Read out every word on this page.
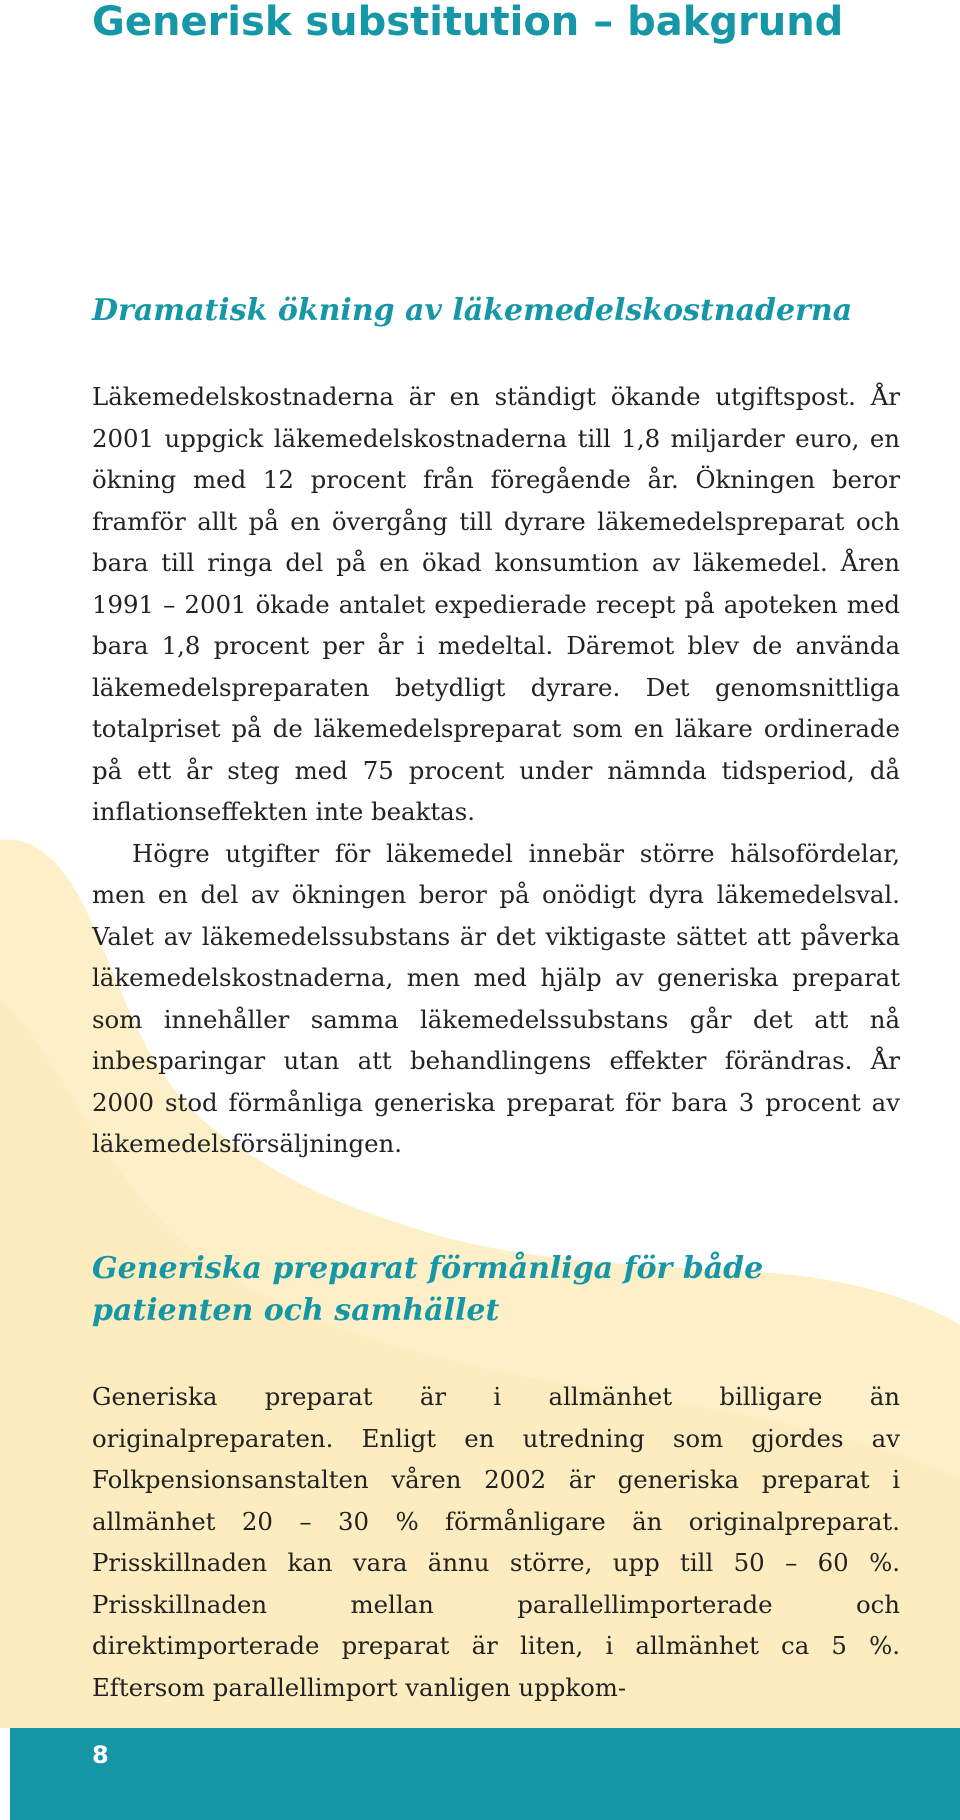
Generisk substitution – bakgrund
Dramatisk ökning av läkemedelskostnaderna

Läkemedelskostnaderna är en ständigt ökande utgiftspost. År 2001 uppgick läkemedelskostnaderna till 1,8 miljarder euro, en ökning med 12 procent från föregående år. Ökningen beror framför allt på en övergång till dyrare läkemedelspreparat och bara till ringa del på en ökad konsumtion av läkemedel. Åren 1991 – 2001 ökade antalet expedierade recept på apoteken med bara 1,8 procent per år i medeltal. Däremot blev de använda läkemedelspreparaten betydligt dyrare. Det genomsnittliga totalpriset på de läkemedelspreparat som en läkare ordinerade på ett år steg med 75 procent under nämnda tidsperiod, då inflationseffekten inte beaktas.

Högre utgifter för läkemedel innebär större hälsofördelar, men en del av ökningen beror på onödigt dyra läkemedelsval. Valet av läkemedelssubstans är det viktigaste sättet att påverka läkemedelskostnaderna, men med hjälp av generiska preparat som innehåller samma läkemedelssubstans går det att nå inbesparingar utan att behandlingens effekter förändras. År 2000 stod förmånliga generiska preparat för bara 3 procent av läkemedelsförsäljningen.

Generiska preparat förmånliga för både patienten och samhället

Generiska preparat är i allmänhet billigare än originalpreparaten. Enligt en utredning som gjordes av Folkpensionsanstalten våren 2002 är generiska preparat i allmänhet 20 – 30 % förmånligare än originalpreparat. Prisskillnaden kan vara ännu större, upp till 50 – 60 %. Prisskillnaden mellan parallellimporterade och direktimporterade preparat är liten, i allmänhet ca 5 %. Eftersom parallellimport vanligen uppkom-

8
